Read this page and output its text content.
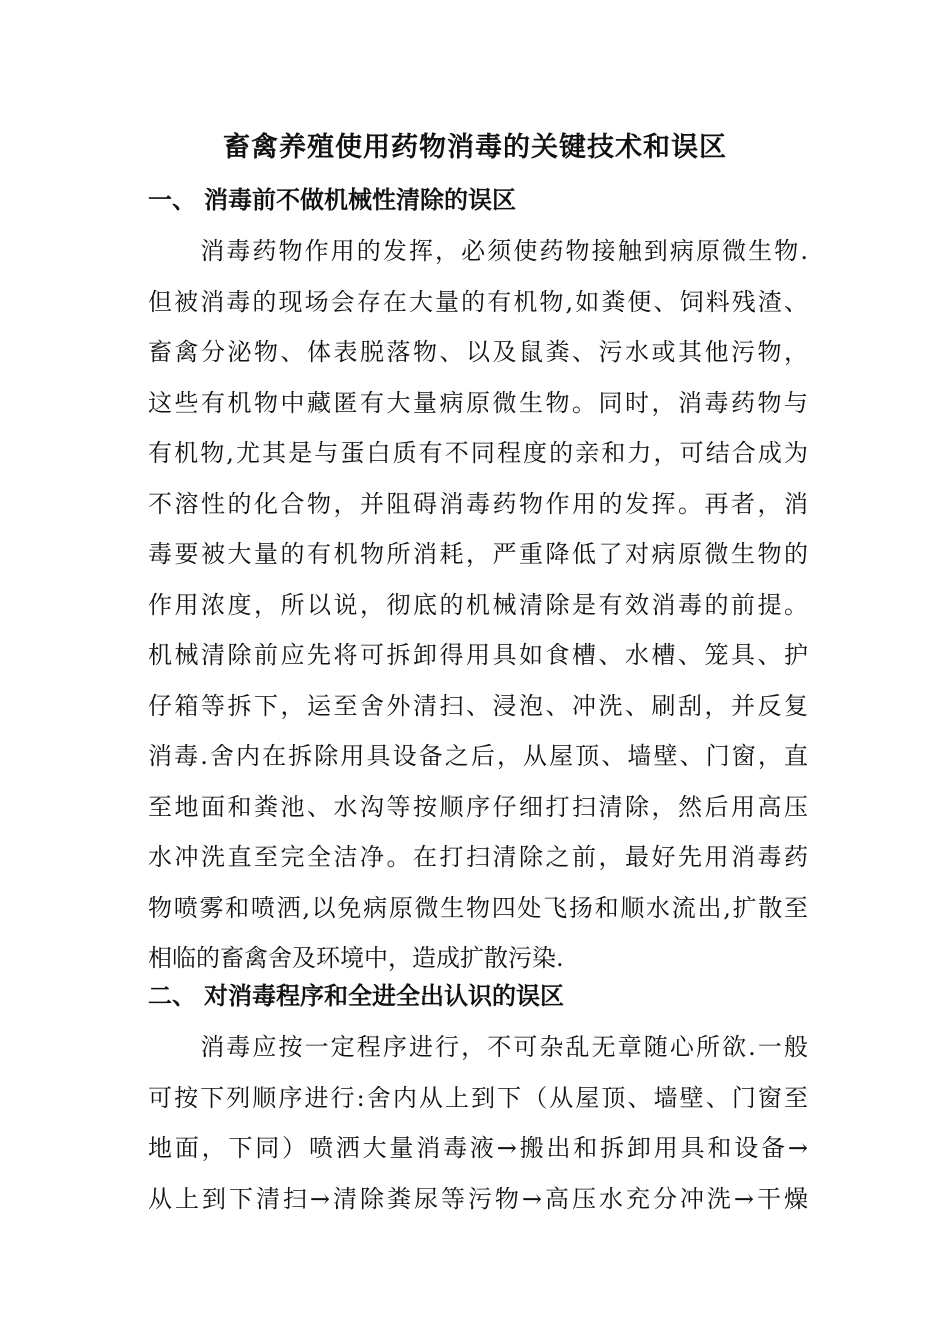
畜禽养殖使用药物消毒的关键技术和误区
一、 消毒前不做机械性清除的误区
　　消毒药物作用的发挥，必须使药物接触到病原微生物.
但被消毒的现场会存在大量的有机物,如粪便、饲料残渣、
畜禽分泌物、体表脱落物、以及鼠粪、污水或其他污物，
这些有机物中藏匿有大量病原微生物。同时，消毒药物与
有机物,尤其是与蛋白质有不同程度的亲和力，可结合成为
不溶性的化合物，并阻碍消毒药物作用的发挥。再者，消
毒要被大量的有机物所消耗，严重降低了对病原微生物的
作用浓度，所以说，彻底的机械清除是有效消毒的前提。
机械清除前应先将可拆卸得用具如食槽、水槽、笼具、护
仔箱等拆下，运至舍外清扫、浸泡、冲洗、刷刮，并反复
消毒.舍内在拆除用具设备之后，从屋顶、墙壁、门窗，直
至地面和粪池、水沟等按顺序仔细打扫清除，然后用高压
水冲洗直至完全洁净。在打扫清除之前，最好先用消毒药
物喷雾和喷洒,以免病原微生物四处飞扬和顺水流出,扩散至
相临的畜禽舍及环境中，造成扩散污染.
二、 对消毒程序和全进全出认识的误区
　　消毒应按一定程序进行，不可杂乱无章随心所欲.一般
可按下列顺序进行:舍内从上到下（从屋顶、墙壁、门窗至
地面，下同）喷洒大量消毒液→搬出和拆卸用具和设备→
从上到下清扫→清除粪尿等污物→高压水充分冲洗→干燥
